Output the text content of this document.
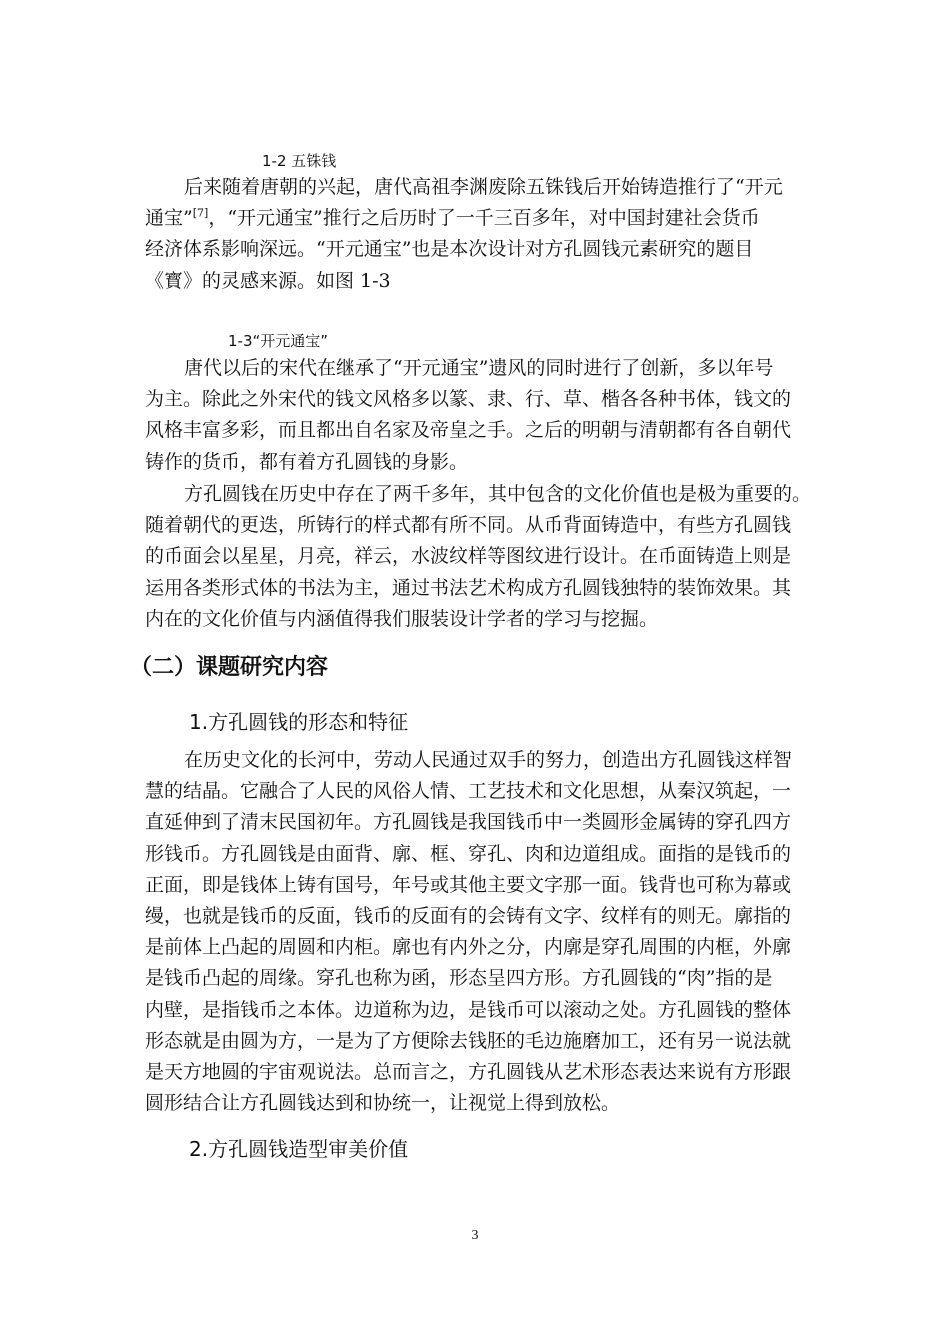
1-2 五铢钱
后来随着唐朝的兴起，唐代高祖李渊废除五铢钱后开始铸造推行了“开元
通宝”[7]，“开元通宝”推行之后历时了一千三百多年，对中国封建社会货币
经济体系影响深远。“开元通宝”也是本次设计对方孔圆钱元素研究的题目
《寳》的灵感来源。如图 1-3
1-3“开元通宝”
唐代以后的宋代在继承了“开元通宝”遗风的同时进行了创新，多以年号
为主。除此之外宋代的钱文风格多以篆、隶、行、草、楷各各种书体，钱文的
风格丰富多彩，而且都出自名家及帝皇之手。之后的明朝与清朝都有各自朝代
铸作的货币，都有着方孔圆钱的身影。
方孔圆钱在历史中存在了两千多年，其中包含的文化价值也是极为重要的。
随着朝代的更迭，所铸行的样式都有所不同。从币背面铸造中，有些方孔圆钱
的币面会以星星，月亮，祥云，水波纹样等图纹进行设计。在币面铸造上则是
运用各类形式体的书法为主，通过书法艺术构成方孔圆钱独特的装饰效果。其
内在的文化价值与内涵值得我们服装设计学者的学习与挖掘。
（二）课题研究内容
1.方孔圆钱的形态和特征
在历史文化的长河中，劳动人民通过双手的努力，创造出方孔圆钱这样智
慧的结晶。它融合了人民的风俗人情、工艺技术和文化思想，从秦汉筑起，一
直延伸到了清末民国初年。方孔圆钱是我国钱币中一类圆形金属铸的穿孔四方
形钱币。方孔圆钱是由面背、廓、框、穿孔、肉和边道组成。面指的是钱币的
正面，即是钱体上铸有国号，年号或其他主要文字那一面。钱背也可称为幕或
缦，也就是钱币的反面，钱币的反面有的会铸有文字、纹样有的则无。廓指的
是前体上凸起的周圆和内柜。廓也有内外之分，内廓是穿孔周围的内框，外廓
是钱币凸起的周缘。穿孔也称为函，形态呈四方形。方孔圆钱的“肉”指的是
内壁，是指钱币之本体。边道称为边，是钱币可以滚动之处。方孔圆钱的整体
形态就是由圆为方，一是为了方便除去钱胚的毛边施磨加工，还有另一说法就
是天方地圆的宇宙观说法。总而言之，方孔圆钱从艺术形态表达来说有方形跟
圆形结合让方孔圆钱达到和协统一，让视觉上得到放松。
2.方孔圆钱造型审美价值
3
